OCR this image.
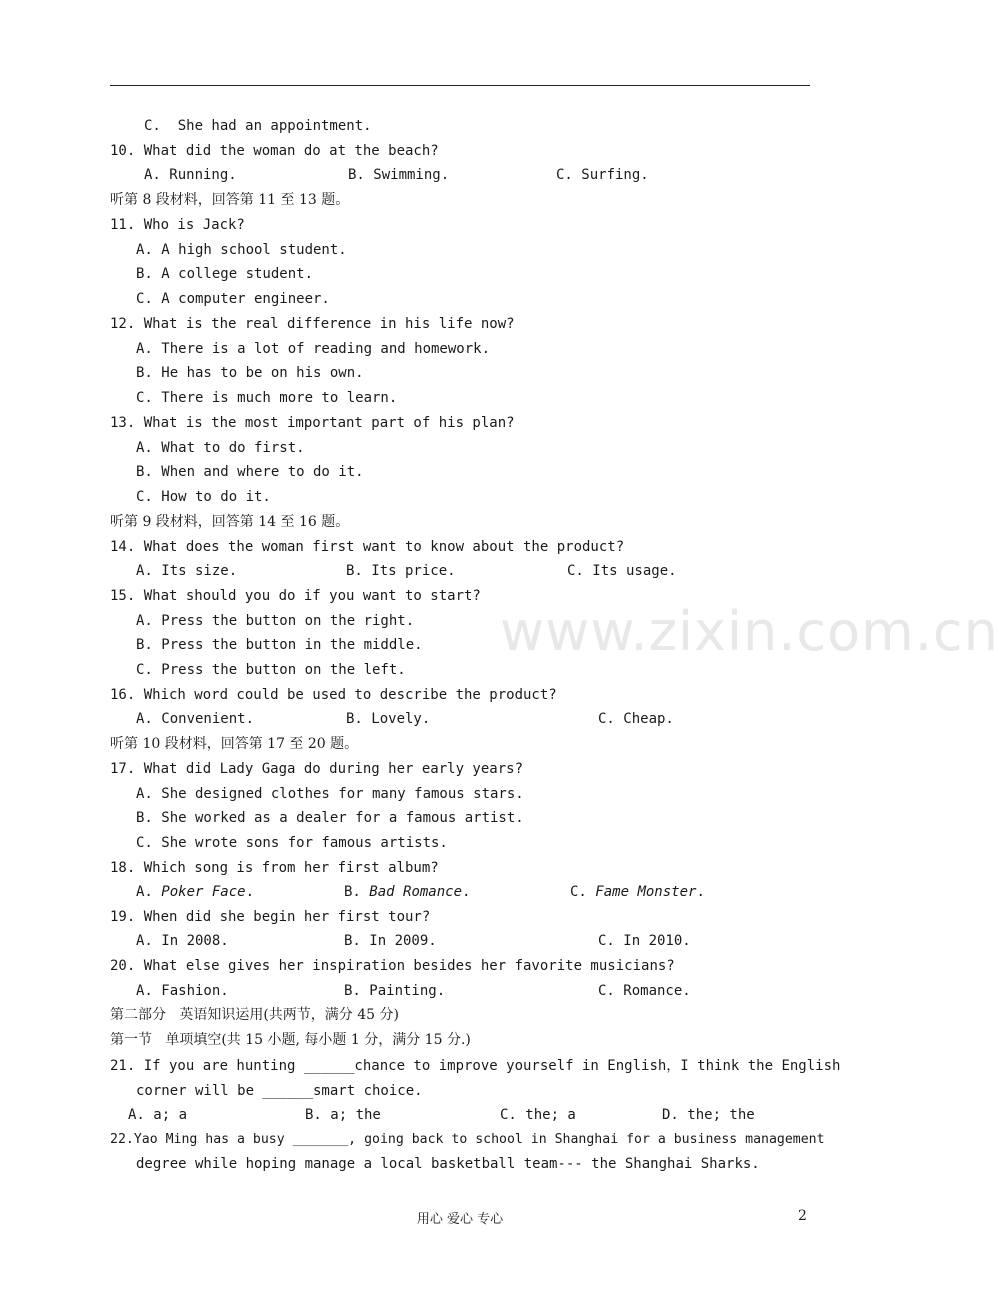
C.  She had an appointment.
10. What did the woman do at the beach?
A. Running.	B. Swimming.	C. Surfing.
听第 8 段材料，回答第 11 至 13 题。
11. Who is Jack?
A. A high school student.
B. A college student.
C. A computer engineer.
12. What is the real difference in his life now?
A. There is a lot of reading and homework.
B. He has to be on his own.
C. There is much more to learn.
13. What is the most important part of his plan?
A. What to do first.
B. When and where to do it.
C. How to do it.
听第 9 段材料，回答第 14 至 16 题。
14. What does the woman first want to know about the product?
A. Its size.	B. Its price.	C. Its usage.
15. What should you do if you want to start?
A. Press the button on the right.
B. Press the button in the middle.
C. Press the button on the left.
16. Which word could be used to describe the product?
A. Convenient.	B. Lovely.	C. Cheap.
听第 10 段材料，回答第 17 至 20 题。
17. What did Lady Gaga do during her early years?
A. She designed clothes for many famous stars.
B. She worked as a dealer for a famous artist.
C. She wrote sons for famous artists.
18. Which song is from her first album?
A. Poker Face.	B. Bad Romance.	C. Fame Monster.
19. When did she begin her first tour?
A. In 2008.	B. In 2009.	C. In 2010.
20. What else gives her inspiration besides her favorite musicians?
A. Fashion.	B. Painting.	C. Romance.
第二部分   英语知识运用(共两节，满分 45 分)
第一节   单项填空(共 15 小题, 每小题 1 分，满分 15 分.)
21. If you are hunting ______chance to improve yourself in English，I think the English
corner will be ______smart choice.
A. a; a	B. a; the	C. the; a	D. the; the
22.Yao Ming has a busy _______, going back to school in Shanghai for a business management
degree while hoping manage a local basketball team--- the Shanghai Sharks.
www.zixin.com.cn
用心 爱心 专心	2
